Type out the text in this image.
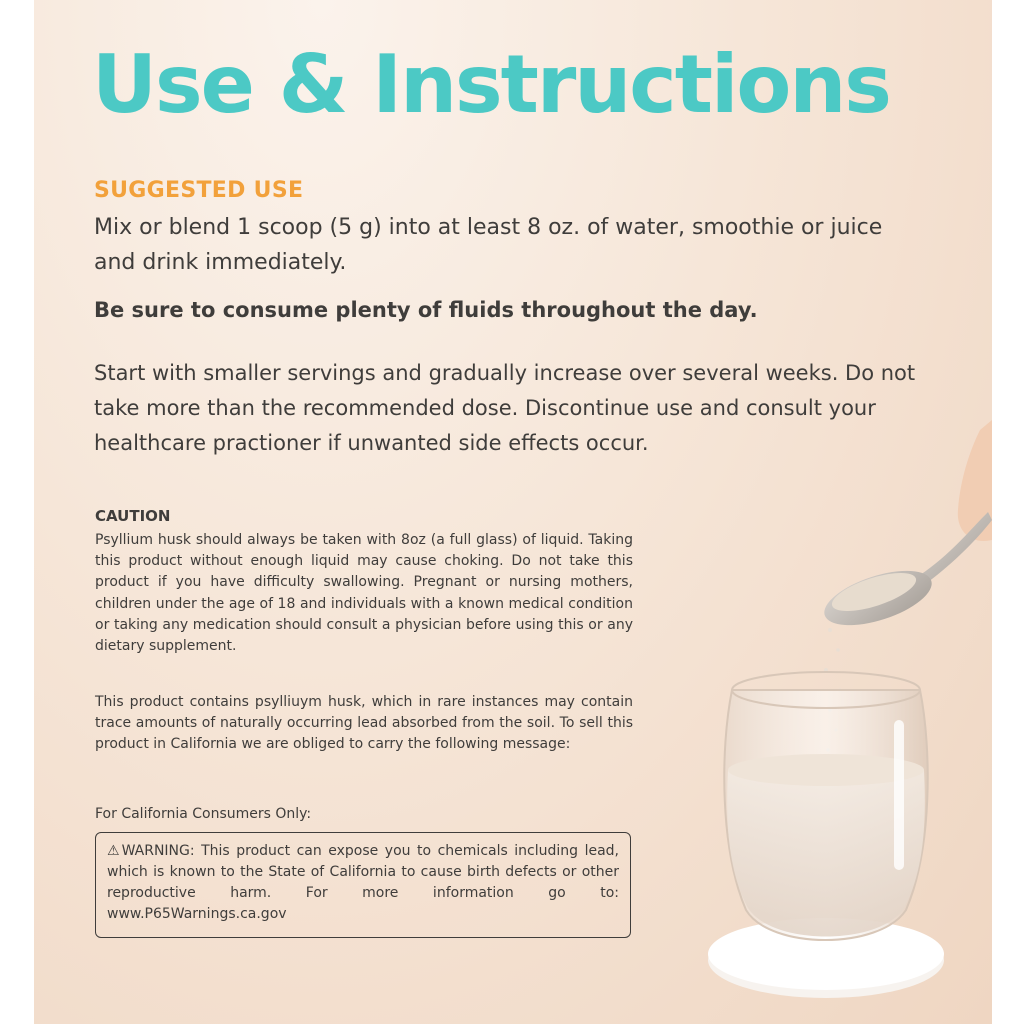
Use & Instructions
SUGGESTED USE

Mix or blend 1 scoop (5 g) into at least 8 oz. of water, smoothie or juice and drink immediately.

Be sure to consume plenty of fluids throughout the day.

Start with smaller servings and gradually increase over several weeks. Do not take more than the recommended dose. Discontinue use and consult your healthcare practioner if unwanted side effects occur.

CAUTION

Psyllium husk should always be taken with 8oz (a full glass) of liquid. Taking this product without enough liquid may cause choking. Do not take this product if you have difficulty swallowing. Pregnant or nursing mothers, children under the age of 18 and individuals with a known medical condition or taking any medication should consult a physician before using this or any dietary supplement.

This product contains psylliuym husk, which in rare instances may contain trace amounts of naturally occurring lead absorbed from the soil. To sell this product in California we are obliged to carry the following message:

For California Consumers Only:

⚠ WARNING: This product can expose you to chemicals including lead, which is known to the State of California to cause birth defects or other reproductive harm. For more information go to: www.P65Warnings.ca.gov
